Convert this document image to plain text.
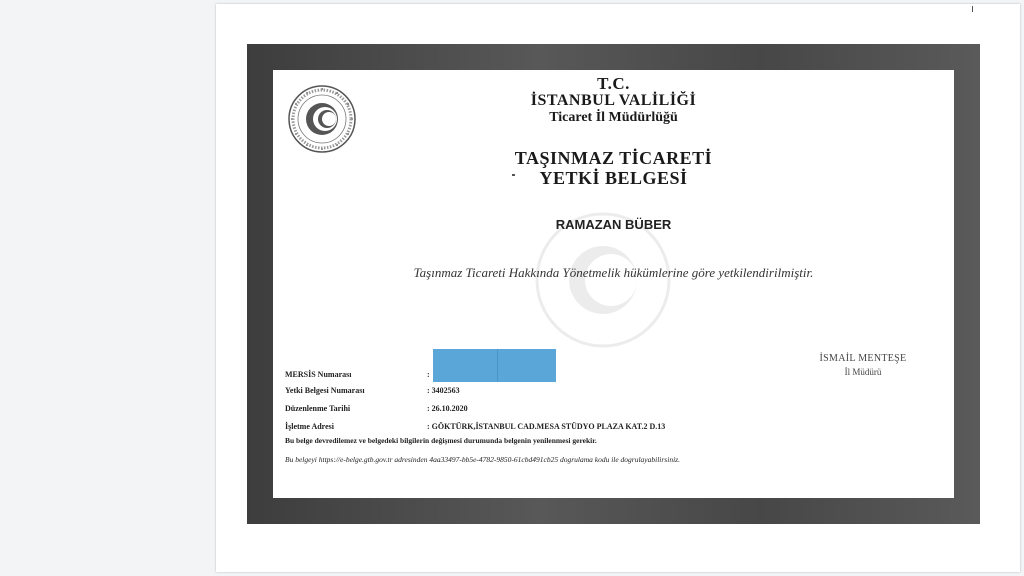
T.C.
İSTANBUL VALİLİĞİ
Ticaret İl Müdürlüğü
TAŞINMAZ TİCARETİ
YETKİ BELGESİ
RAMAZAN BÜBER
Taşınmaz Ticareti Hakkında Yönetmelik hükümlerine göre yetkilendirilmiştir.
İSMAİL MENTEŞE
İl Müdürü
MERSİS Numarası	:
Yetki Belgesi Numarası	: 3402563
Düzenlenme Tarihi	: 26.10.2020
İşletme Adresi	: GÖKTÜRK,İSTANBUL CAD.MESA STÜDYO PLAZA KAT.2 D.13
Bu belge devredilemez ve belgedeki bilgilerin değişmesi durumunda belgenin yenilenmesi gerekir.
Bu belgeyi https://e-belge.gtb.gov.tr adresinden 4aa33497-bb5e-4782-9850-61cbd491cb25 dogrulama kodu ile dogrulayabilirsiniz.
